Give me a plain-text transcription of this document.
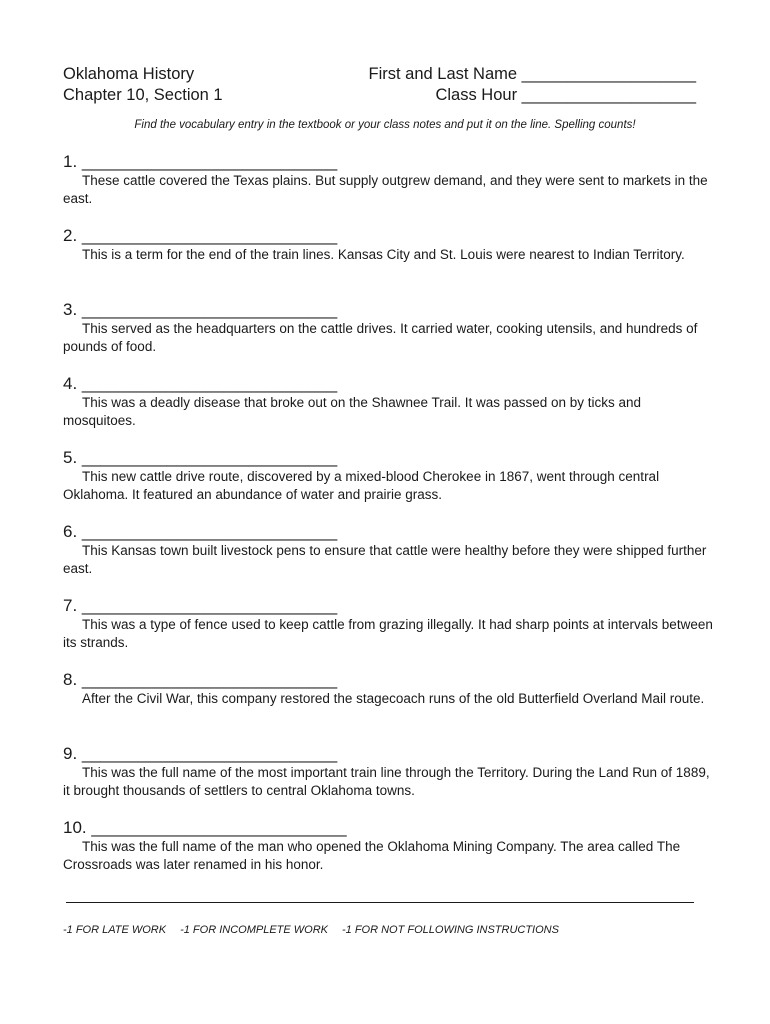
Oklahoma History
Chapter 10, Section 1
First and Last Name ___________________
Class Hour ___________________
Find the vocabulary entry in the textbook or your class notes and put it on the line. Spelling counts!
1. ___________________________
These cattle covered the Texas plains. But supply outgrew demand, and they were sent to markets in the east.
2. ___________________________
This is a term for the end of the train lines. Kansas City and St. Louis were nearest to Indian Territory.
3. ___________________________
This served as the headquarters on the cattle drives. It carried water, cooking utensils, and hundreds of pounds of food.
4. ___________________________
This was a deadly disease that broke out on the Shawnee Trail. It was passed on by ticks and mosquitoes.
5. ___________________________
This new cattle drive route, discovered by a mixed-blood Cherokee in 1867, went through central Oklahoma. It featured an abundance of water and prairie grass.
6. ___________________________
This Kansas town built livestock pens to ensure that cattle were healthy before they were shipped further east.
7. ___________________________
This was a type of fence used to keep cattle from grazing illegally. It had sharp points at intervals between its strands.
8. ___________________________
After the Civil War, this company restored the stagecoach runs of the old Butterfield Overland Mail route.
9. ___________________________
This was the full name of the most important train line through the Territory. During the Land Run of 1889, it brought thousands of settlers to central Oklahoma towns.
10. ___________________________
This was the full name of the man who opened the Oklahoma Mining Company. The area called The Crossroads was later renamed in his honor.
-1 FOR LATE WORK -1 FOR INCOMPLETE WORK -1 FOR NOT FOLLOWING INSTRUCTIONS
